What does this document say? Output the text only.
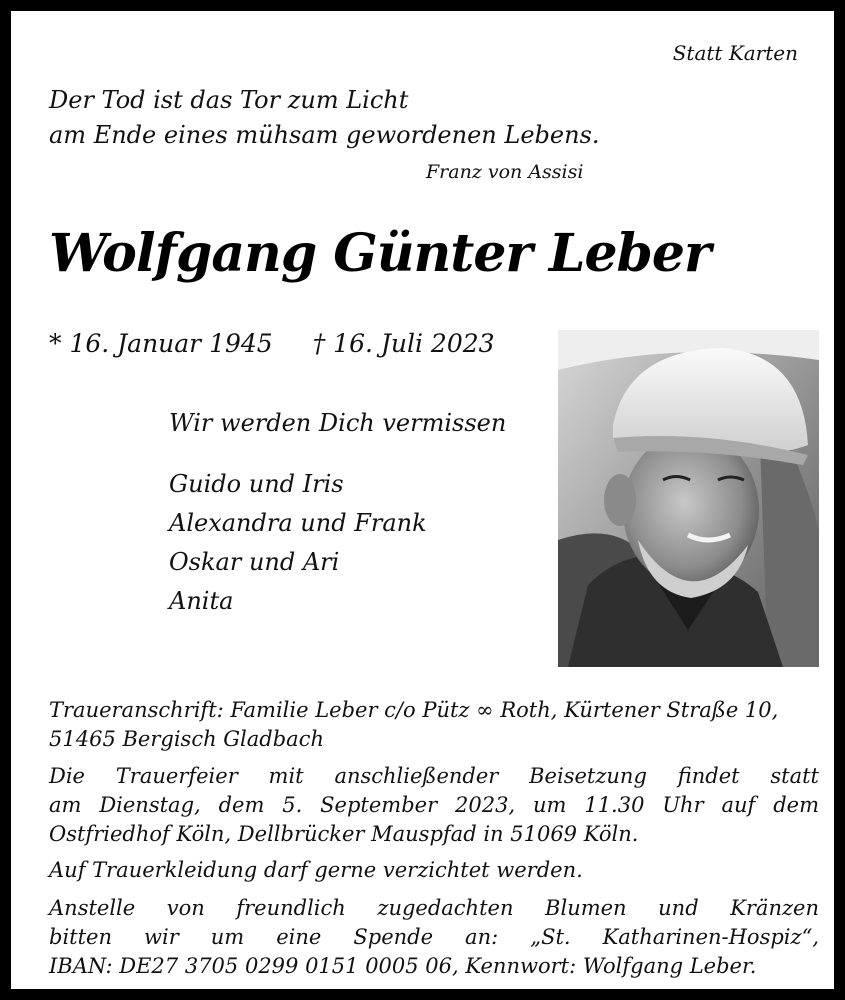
Statt Karten
Der Tod ist das Tor zum Licht
am Ende eines mühsam gewordenen Lebens.
Franz von Assisi
Wolfgang Günter Leber
* 16. Januar 1945 † 16. Juli 2023
Wir werden Dich vermissen
Guido und Iris
Alexandra und Frank
Oskar und Ari
Anita
Traueranschrift: Familie Leber c/o Pütz ∞ Roth, Kürtener Straße 10,
51465 Bergisch Gladbach
Die Trauerfeier mit anschließender Beisetzung findet statt
am Dienstag, dem 5. September 2023, um 11.30 Uhr auf dem
Ostfriedhof Köln, Dellbrücker Mauspfad in 51069 Köln.
Auf Trauerkleidung darf gerne verzichtet werden.
Anstelle von freundlich zugedachten Blumen und Kränzen
bitten wir um eine Spende an: „St. Katharinen-Hospiz“,
IBAN: DE27 3705 0299 0151 0005 06, Kennwort: Wolfgang Leber.
